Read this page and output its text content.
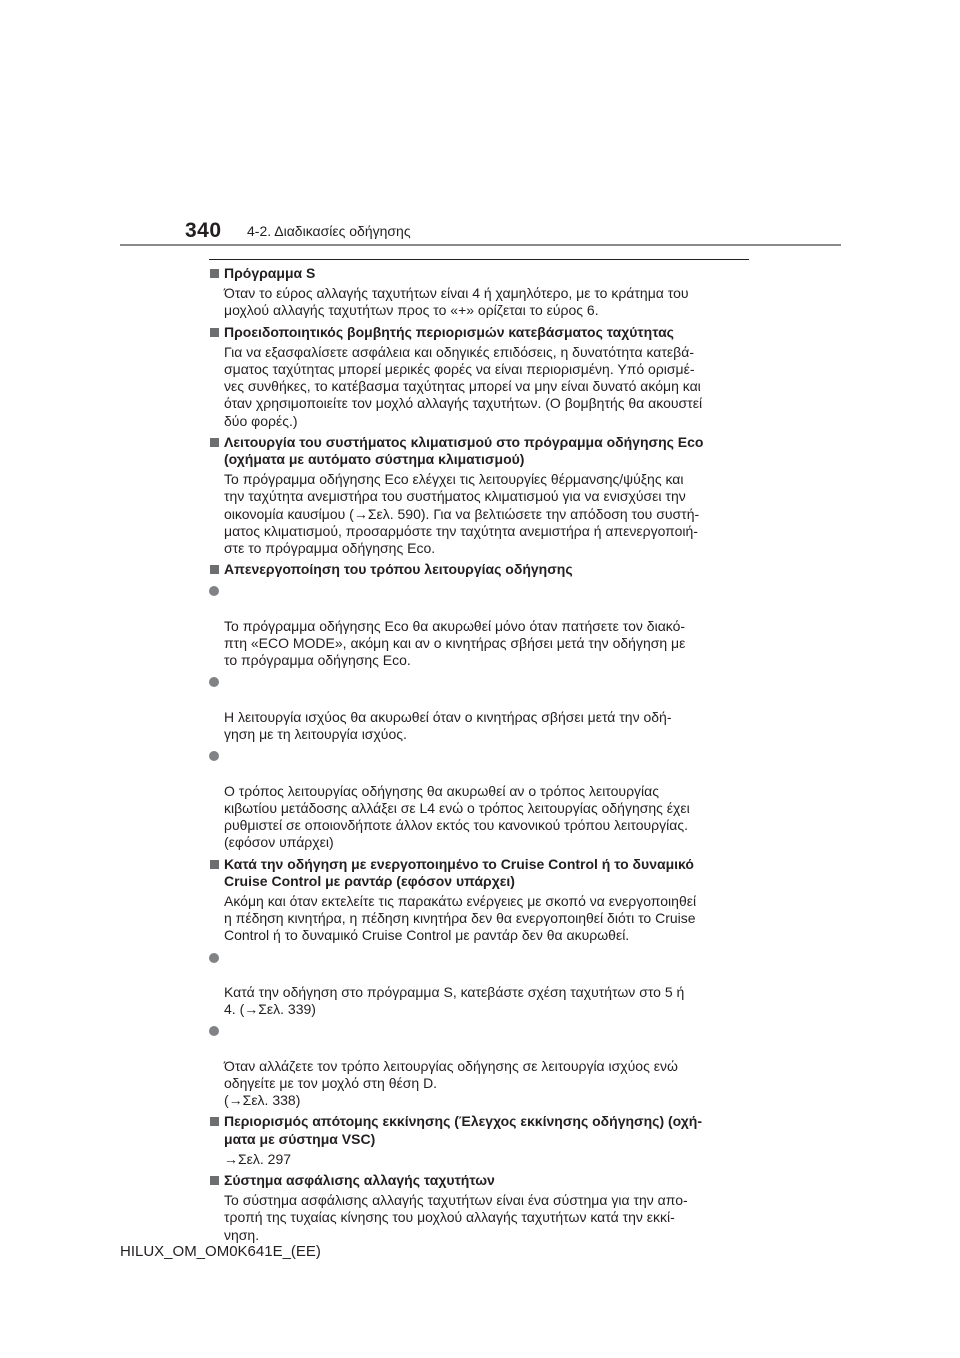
340 4-2. Διαδικασίες οδήγησης
Πρόγραμμα S
Όταν το εύρος αλλαγής ταχυτήτων είναι 4 ή χαμηλότερο, με το κράτημα του
μοχλού αλλαγής ταχυτήτων προς το «+» ορίζεται το εύρος 6.
Προειδοποιητικός βομβητής περιορισμών κατεβάσματος ταχύτητας
Για να εξασφαλίσετε ασφάλεια και οδηγικές επιδόσεις, η δυνατότητα κατεβά-
σματος ταχύτητας μπορεί μερικές φορές να είναι περιορισμένη. Υπό ορισμέ-
νες συνθήκες, το κατέβασμα ταχύτητας μπορεί να μην είναι δυνατό ακόμη και
όταν χρησιμοποιείτε τον μοχλό αλλαγής ταχυτήτων. (Ο βομβητής θα ακουστεί
δύο φορές.)
Λειτουργία του συστήματος κλιματισμού στο πρόγραμμα οδήγησης Eco
(οχήματα με αυτόματο σύστημα κλιματισμού)
Το πρόγραμμα οδήγησης Eco ελέγχει τις λειτουργίες θέρμανσης/ψύξης και
την ταχύτητα ανεμιστήρα του συστήματος κλιματισμού για να ενισχύσει την
οικονομία καυσίμου (→Σελ. 590). Για να βελτιώσετε την απόδοση του συστή-
ματος κλιματισμού, προσαρμόστε την ταχύτητα ανεμιστήρα ή απενεργοποιή-
στε το πρόγραμμα οδήγησης Eco.
Απενεργοποίηση του τρόπου λειτουργίας οδήγησης

Το πρόγραμμα οδήγησης Eco θα ακυρωθεί μόνο όταν πατήσετε τον διακό-
πτη «ECO MODE», ακόμη και αν ο κινητήρας σβήσει μετά την οδήγηση με
το πρόγραμμα οδήγησης Eco.

Η λειτουργία ισχύος θα ακυρωθεί όταν ο κινητήρας σβήσει μετά την οδή-
γηση με τη λειτουργία ισχύος.

Ο τρόπος λειτουργίας οδήγησης θα ακυρωθεί αν ο τρόπος λειτουργίας
κιβωτίου μετάδοσης αλλάξει σε L4 ενώ ο τρόπος λειτουργίας οδήγησης έχει
ρυθμιστεί σε οποιονδήποτε άλλον εκτός του κανονικού τρόπου λειτουργίας.
(εφόσον υπάρχει)

Κατά την οδήγηση με ενεργοποιημένο το Cruise Control ή το δυναμικό
Cruise Control με ραντάρ (εφόσον υπάρχει)
Ακόμη και όταν εκτελείτε τις παρακάτω ενέργειες με σκοπό να ενεργοποιηθεί
η πέδηση κινητήρα, η πέδηση κινητήρα δεν θα ενεργοποιηθεί διότι το Cruise
Control ή το δυναμικό Cruise Control με ραντάρ δεν θα ακυρωθεί.

Κατά την οδήγηση στο πρόγραμμα S, κατεβάστε σχέση ταχυτήτων στο 5 ή
4. (→Σελ. 339)

Όταν αλλάζετε τον τρόπο λειτουργίας οδήγησης σε λειτουργία ισχύος ενώ
οδηγείτε με τον μοχλό στη θέση D.
(→Σελ. 338)

Περιορισμός απότομης εκκίνησης (Έλεγχος εκκίνησης οδήγησης) (οχή-
ματα με σύστημα VSC)
→Σελ. 297
Σύστημα ασφάλισης αλλαγής ταχυτήτων
Το σύστημα ασφάλισης αλλαγής ταχυτήτων είναι ένα σύστημα για την απο-
τροπή της τυχαίας κίνησης του μοχλού αλλαγής ταχυτήτων κατά την εκκί-
νηση.
HILUX_OM_OM0K641E_(EE)
